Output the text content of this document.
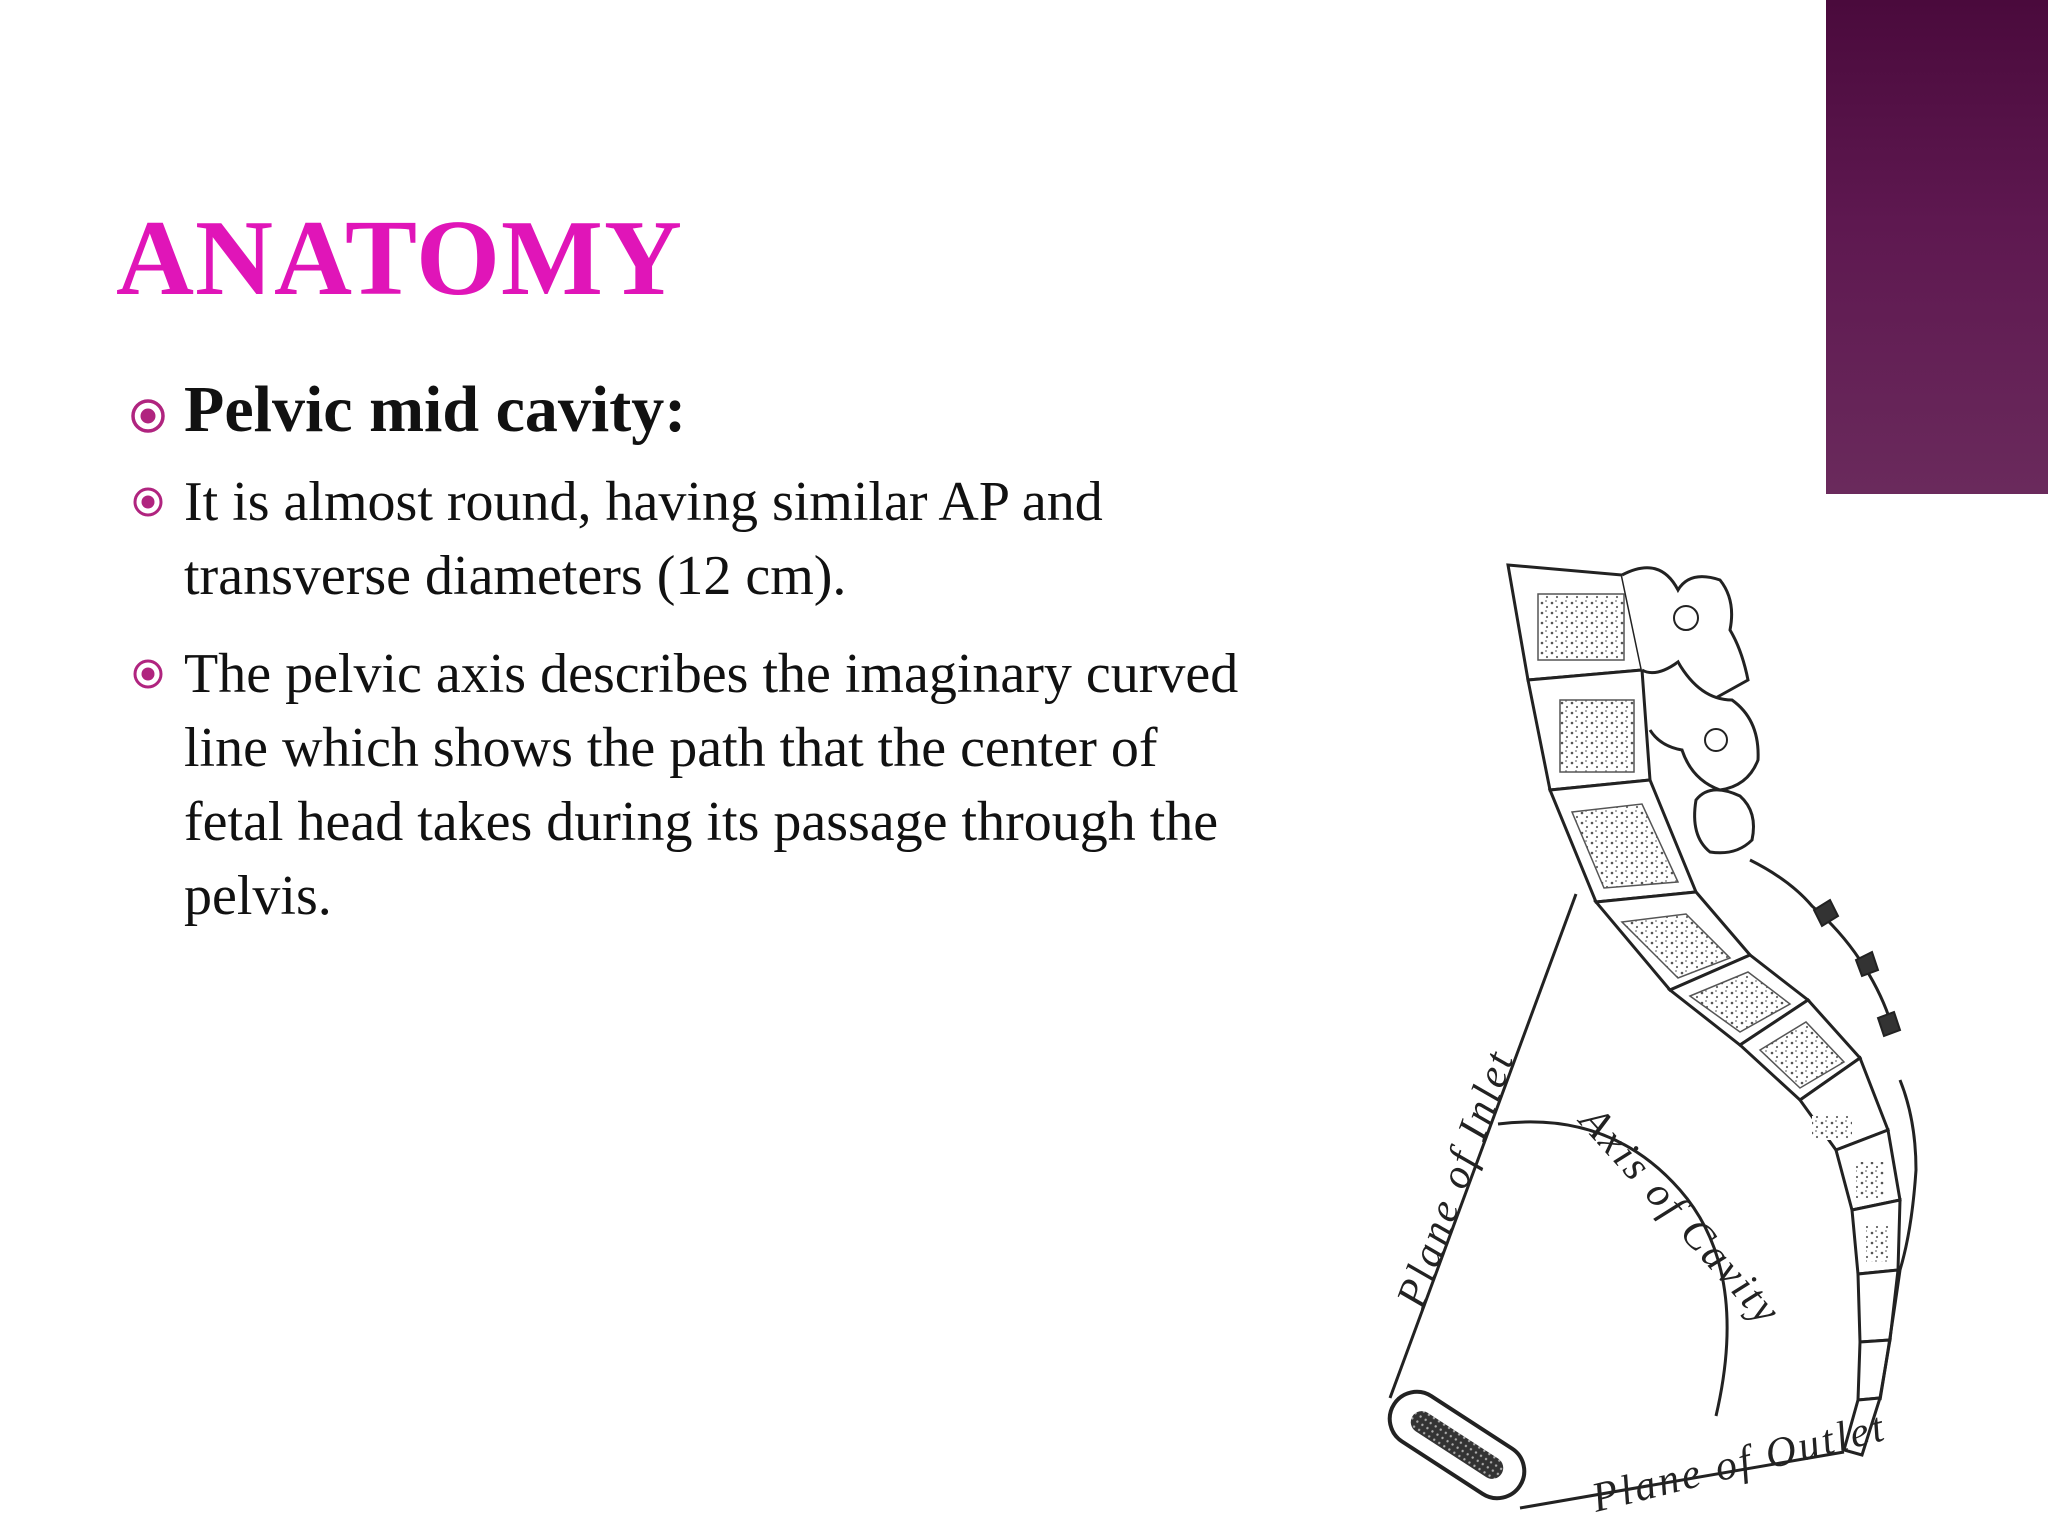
ANATOMY
Pelvic mid cavity:
It is almost round, having similar AP and transverse diameters (12 cm).
The pelvic axis describes the imaginary curved line which shows the path that the center of fetal head takes during its passage through the pelvis.
Plane of Inlet Axis of Cavity
Plane of Outlet
